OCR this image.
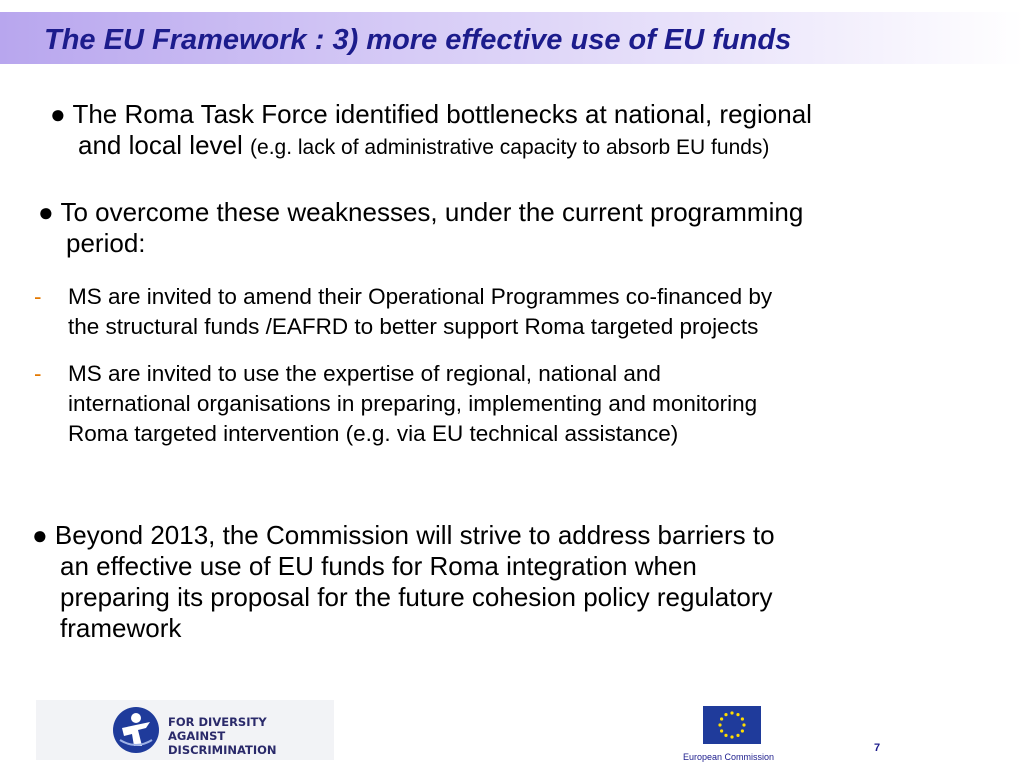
The EU Framework : 3) more effective use of EU funds
● The Roma Task Force identified bottlenecks at national, regional
and local level (e.g. lack of administrative capacity to absorb EU funds)
● To overcome these weaknesses, under the current programming
period:
- MS are invited to amend their Operational Programmes co-financed by
the structural funds /EAFRD to better support Roma targeted projects
- MS are invited to use the expertise of regional, national and
international organisations in preparing, implementing and monitoring
Roma targeted intervention (e.g. via EU technical assistance)
● Beyond 2013, the Commission will strive to address barriers to
an effective use of EU funds for Roma integration when
preparing its proposal for the future cohesion policy regulatory
framework
FOR DIVERSITY
AGAINST DISCRIMINATION	European Commission
7
